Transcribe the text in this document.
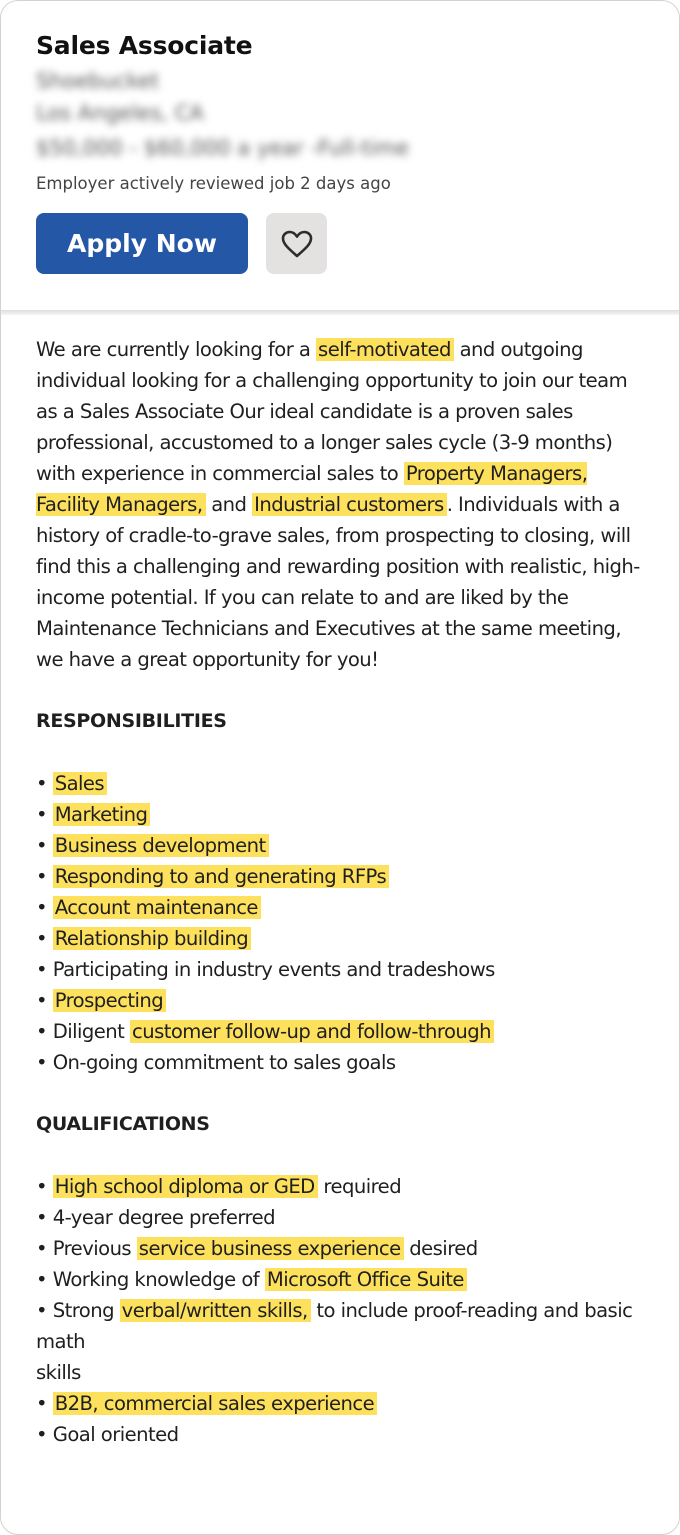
Sales Associate
Shoebucket
Los Angeles, CA
$50,000 - $60,000 a year -Full-time
Employer actively reviewed job 2 days ago
Apply Now

We are currently looking for a self-motivated and outgoing individual looking for a challenging opportunity to join our team as a Sales Associate Our ideal candidate is a proven sales professional, accustomed to a longer sales cycle (3-9 months) with experience in commercial sales to Property Managers, Facility Managers, and Industrial customers . Individuals with a history of cradle-to-grave sales, from prospecting to closing, will find this a challenging and rewarding position with realistic, high-income potential. If you can relate to and are liked by the Maintenance Technicians and Executives at the same meeting, we have a great opportunity for you!

RESPONSIBILITIES
• Sales
• Marketing
• Business development
• Responding to and generating RFPs
• Account maintenance
• Relationship building
• Participating in industry events and tradeshows
• Prospecting
• Diligent customer follow-up and follow-through
• On-going commitment to sales goals
QUALIFICATIONS
• High school diploma or GED required
• 4-year degree preferred
• Previous service business experience desired
• Working knowledge of Microsoft Office Suite
• Strong verbal/written skills, to include proof-reading and basic math
skills
• B2B, commercial sales experience
• Goal oriented
